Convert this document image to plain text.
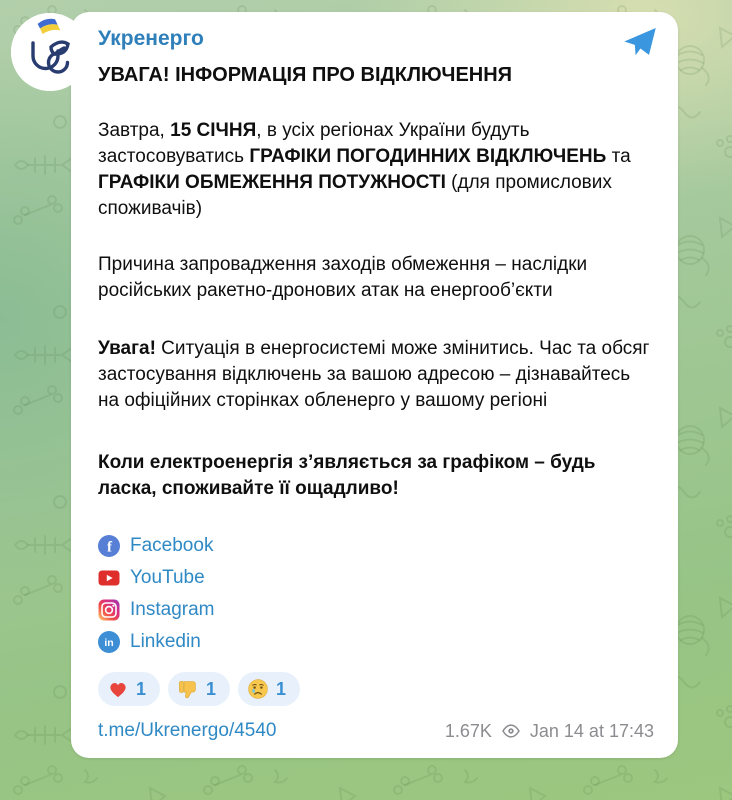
Укренерго
УВАГА! ІНФОРМАЦІЯ ПРО ВІДКЛЮЧЕННЯ

Завтра, 15 СІЧНЯ, в усіх регіонах України будуть застосовуватись ГРАФІКИ ПОГОДИННИХ ВІДКЛЮЧЕНЬ та ГРАФІКИ ОБМЕЖЕННЯ ПОТУЖНОСТІ (для промислових споживачів)

Причина запровадження заходів обмеження – наслідки російських ракетно-дронових атак на енергооб’єкти

Увага! Ситуація в енергосистемі може змінитись. Час та обсяг застосування відключень за вашою адресою – дізнавайтесь на офіційних сторінках обленерго у вашому регіоні

Коли електроенергія з’являється за графіком – будь ласка, споживайте її ощадливо!

f Facebook
YouTube
Instagram
in Linkedin
1	1	1
t.me/Ukrenergo/4540	1.67K Jan 14 at 17:43
